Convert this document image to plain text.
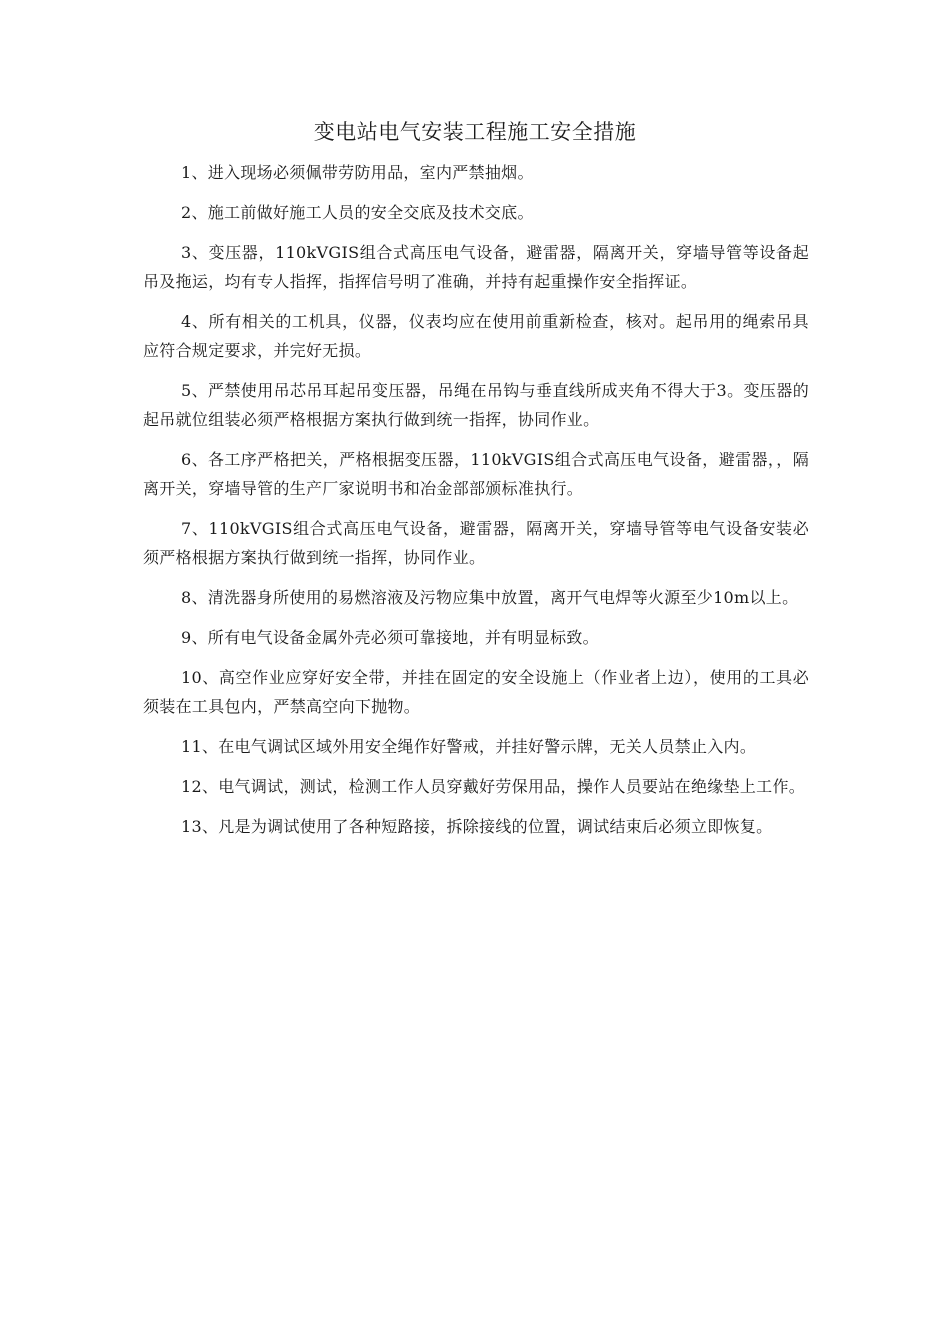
变电站电气安装工程施工安全措施

1、进入现场必须佩带劳防用品，室内严禁抽烟。

2、施工前做好施工人员的安全交底及技术交底。

3、变压器，110kVGIS组合式高压电气设备，避雷器，隔离开关，穿墙导管等设备起吊及拖运，均有专人指挥，指挥信号明了准确，并持有起重操作安全指挥证。

4、所有相关的工机具，仪器，仪表均应在使用前重新检查，核对。起吊用的绳索吊具应符合规定要求，并完好无损。

5、严禁使用吊芯吊耳起吊变压器，吊绳在吊钩与垂直线所成夹角不得大于3。变压器的起吊就位组装必须严格根据方案执行做到统一指挥，协同作业。

6、各工序严格把关，严格根据变压器，110kVGIS组合式高压电气设备，避雷器，，隔离开关，穿墙导管的生产厂家说明书和冶金部部颁标准执行。

7、110kVGIS组合式高压电气设备，避雷器，隔离开关，穿墙导管等电气设备安装必须严格根据方案执行做到统一指挥，协同作业。

8、清洗器身所使用的易燃溶液及污物应集中放置，离开气电焊等火源至少10m以上。

9、所有电气设备金属外壳必须可靠接地，并有明显标致。

10、高空作业应穿好安全带，并挂在固定的安全设施上（作业者上边），使用的工具必须装在工具包内，严禁高空向下抛物。

11、在电气调试区域外用安全绳作好警戒，并挂好警示牌，无关人员禁止入内。

12、电气调试，测试，检测工作人员穿戴好劳保用品，操作人员要站在绝缘垫上工作。

13、凡是为调试使用了各种短路接，拆除接线的位置，调试结束后必须立即恢复。
